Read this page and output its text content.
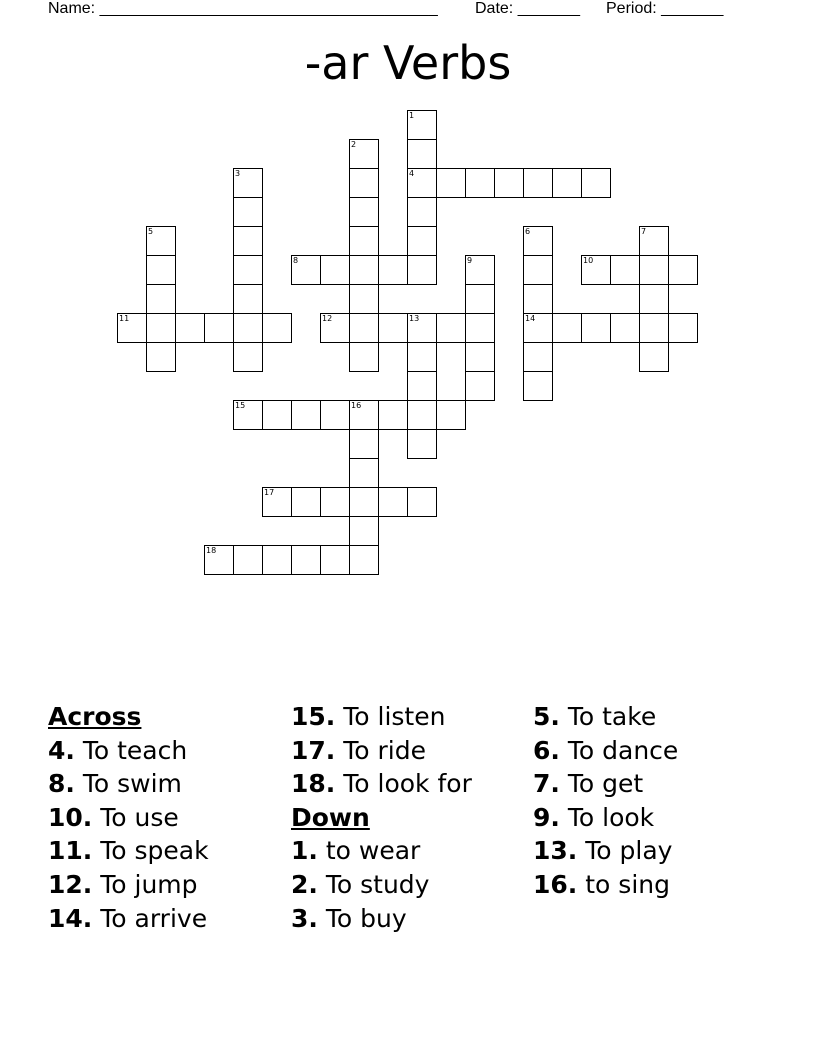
Name: ______________________________________

Date: _______

Period: _______

-ar Verbs
11	12	13	14
8	10
4
1
2
3
5	6	7
9
15	16
17
18
Across
4. To teach
8. To swim
10. To use
11. To speak
12. To jump
14. To arrive
15. To listen
17. To ride
18. To look for
Down
1. to wear
2. To study
3. To buy
5. To take
6. To dance
7. To get
9. To look
13. To play
16. to sing
